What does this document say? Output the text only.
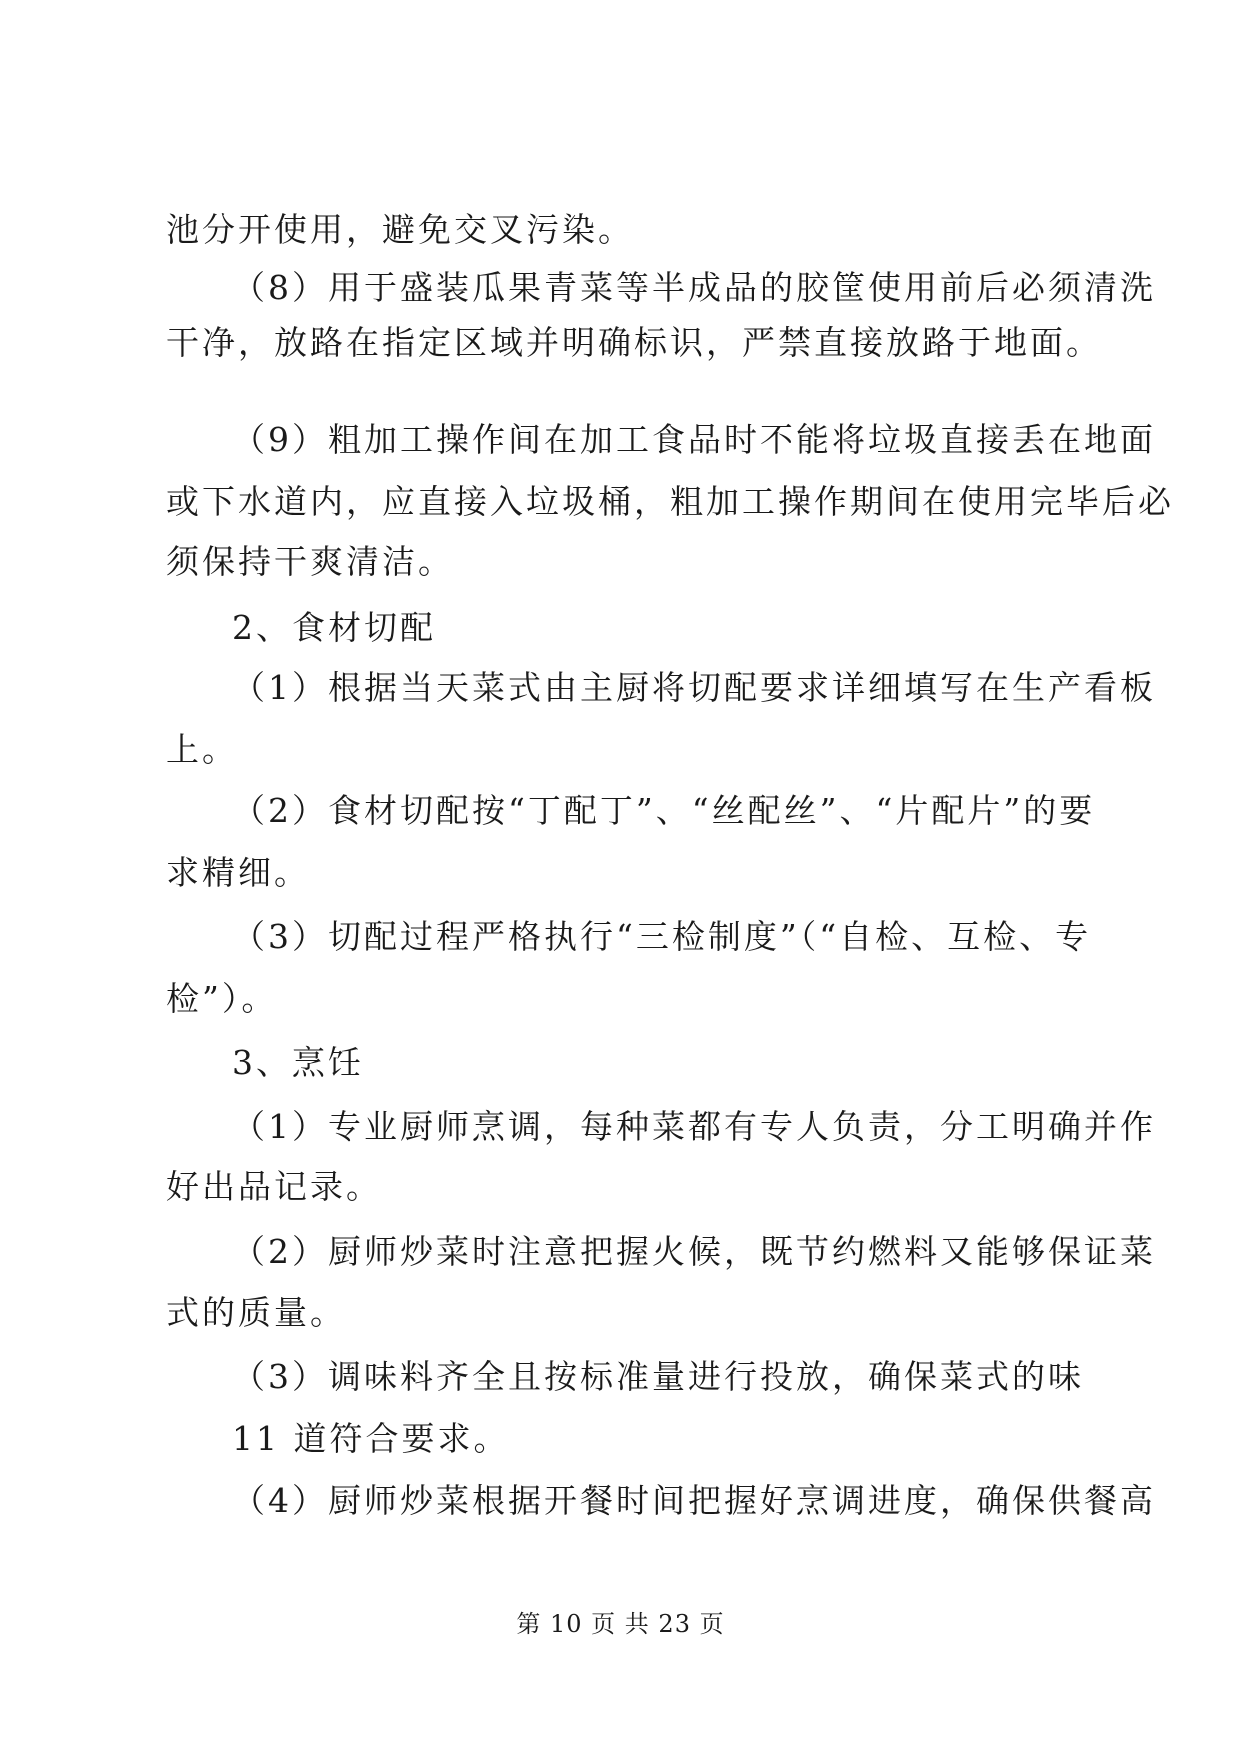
池分开使用，避免交叉污染。
（8）用于盛装瓜果青菜等半成品的胶筐使用前后必须清洗
干净，放路在指定区域并明确标识，严禁直接放路于地面。
（9）粗加工操作间在加工食品时不能将垃圾直接丢在地面
或下水道内，应直接入垃圾桶，粗加工操作期间在使用完毕后必
须保持干爽清洁。
2、食材切配
（1）根据当天菜式由主厨将切配要求详细填写在生产看板
上。
（2）食材切配按“丁配丁”、“丝配丝”、“片配片”的要
求精细。
（3）切配过程严格执行“三检制度”（“自检、互检、专
检”）。
3、烹饪
（1）专业厨师烹调，每种菜都有专人负责，分工明确并作
好出品记录。
（2）厨师炒菜时注意把握火候，既节约燃料又能够保证菜
式的质量。
（3）调味料齐全且按标准量进行投放，确保菜式的味
11 道符合要求。
（4）厨师炒菜根据开餐时间把握好烹调进度，确保供餐高
第 10 页 共 23 页
